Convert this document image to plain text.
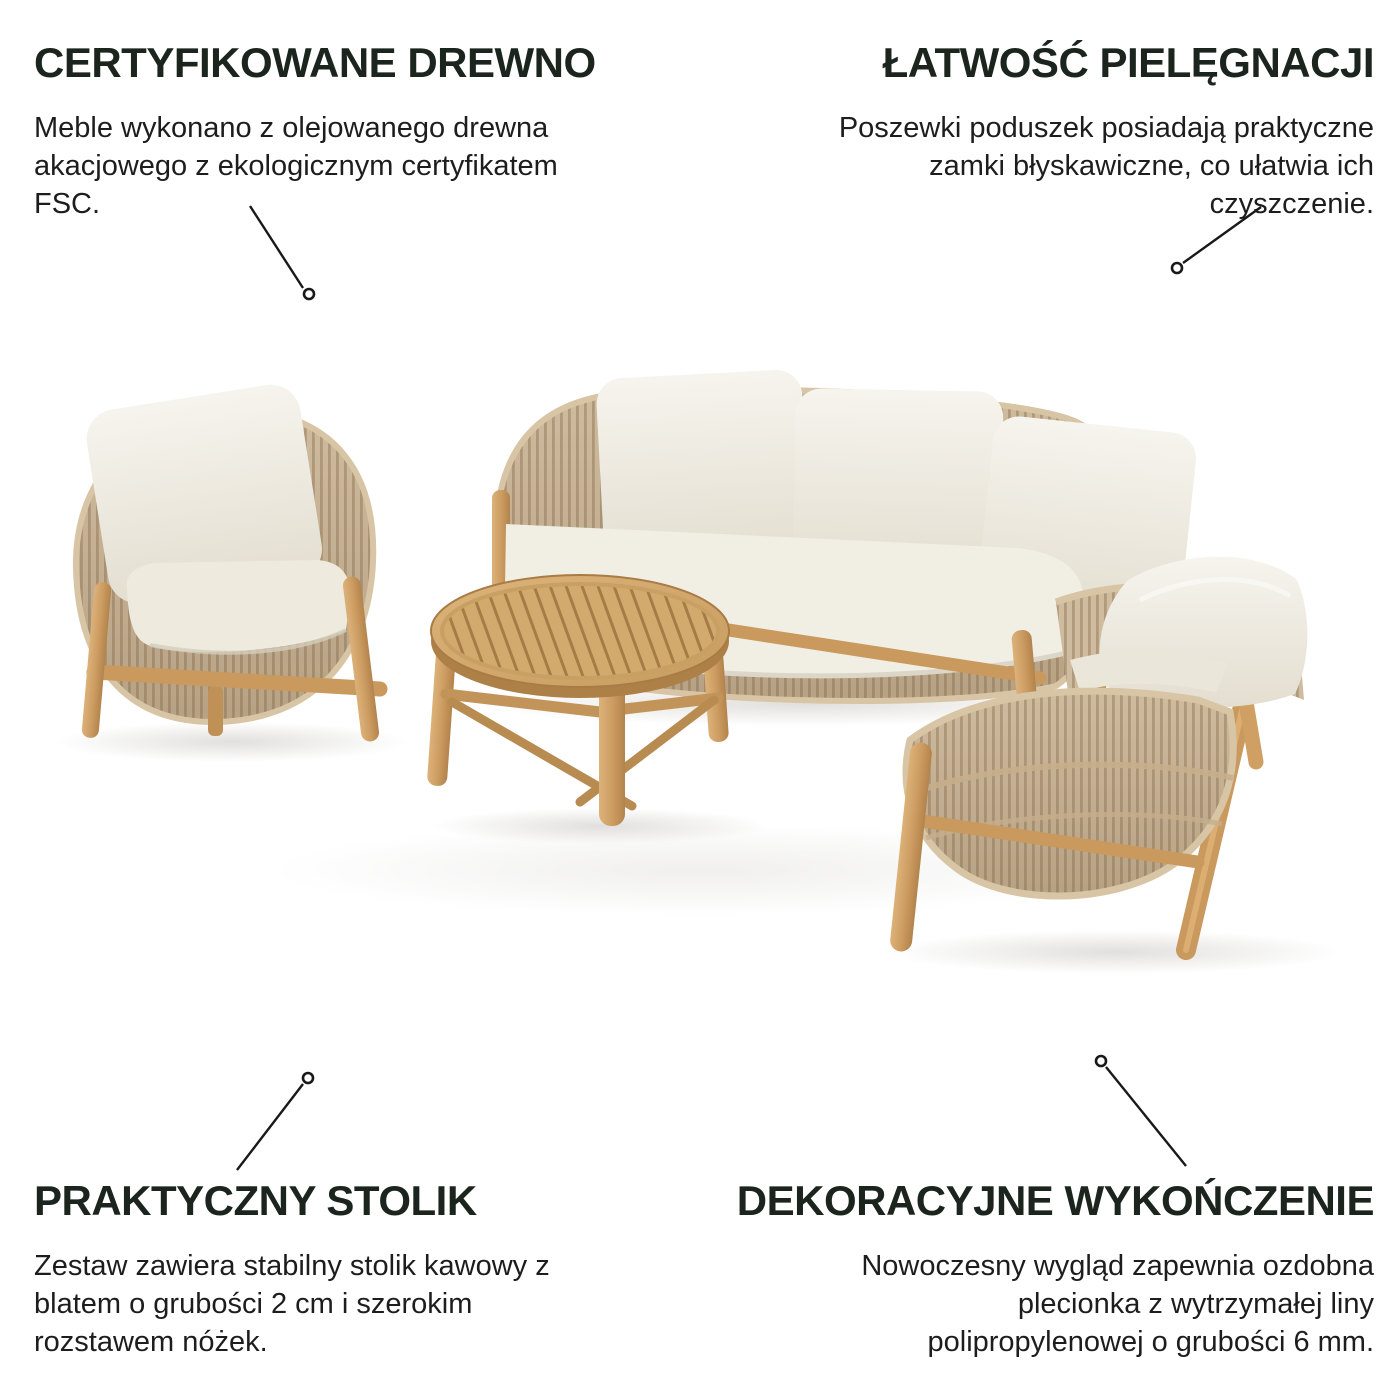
CERTYFIKOWANE DREWNO

Meble wykonano z olejowanego drewna

akacjowego z ekologicznym certyfikatem

FSC.

ŁATWOŚĆ PIELĘGNACJI

Poszewki poduszek posiadają praktyczne

zamki błyskawiczne, co ułatwia ich

czyszczenie.

PRAKTYCZNY STOLIK

Zestaw zawiera stabilny stolik kawowy z

blatem o grubości 2 cm i szerokim

rozstawem nóżek.

DEKORACYJNE WYKOŃCZENIE

Nowoczesny wygląd zapewnia ozdobna

plecionka z wytrzymałej liny

polipropylenowej o grubości 6 mm.
